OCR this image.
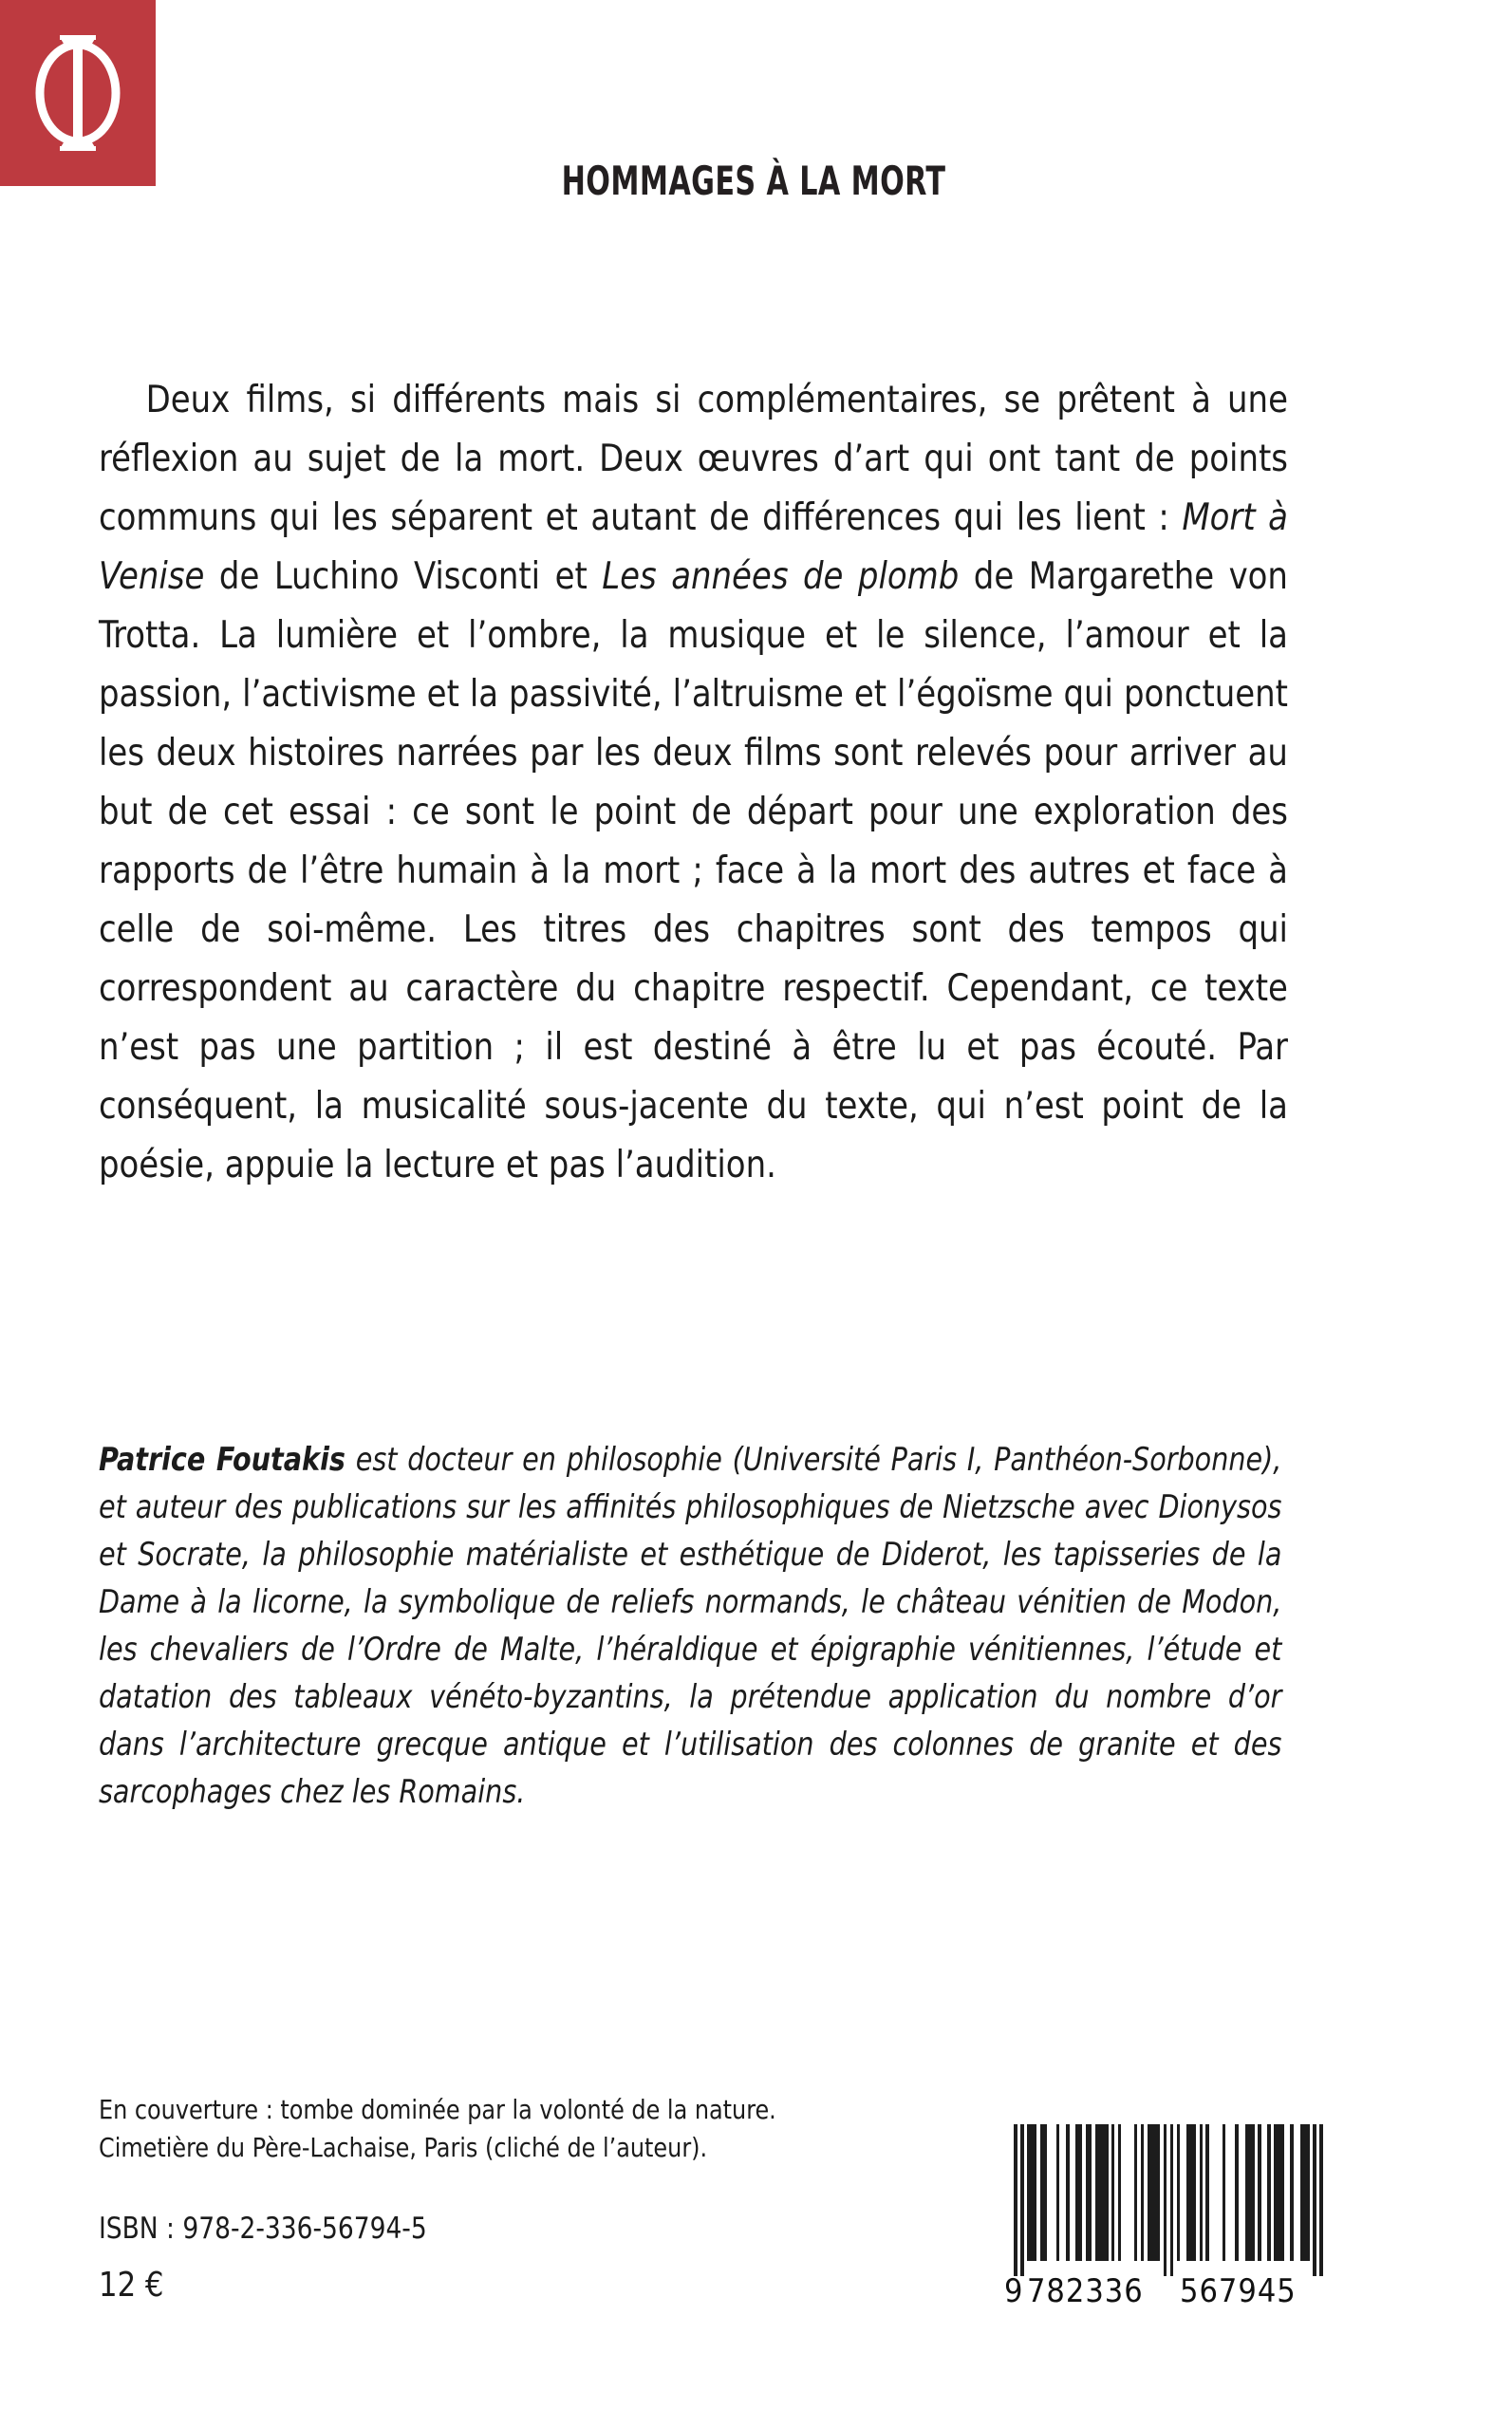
HOMMAGES À LA MORT

Deux films, si différents mais si complémentaires, se prêtent à une réflexion au sujet de la mort. Deux œuvres d’art qui ont tant de points communs qui les séparent et autant de différences qui les lient : Mort à Venise de Luchino Visconti et Les années de plomb de Margarethe von Trotta. La lumière et l’ombre, la musique et le silence, l’amour et la passion, l’activisme et la passivité, l’altruisme et l’égoïsme qui ponctuent les deux histoires narrées par les deux films sont relevés pour arriver au but de cet essai : ce sont le point de départ pour une exploration des rapports de l’être humain à la mort ; face à la mort des autres et face à celle de soi-même. Les titres des chapitres sont des tempos qui correspondent au caractère du chapitre respectif. Cependant, ce texte n’est pas une partition ; il est destiné à être lu et pas écouté. Par conséquent, la musicalité sous-jacente du texte, qui n’est point de la poésie, appuie la lecture et pas l’audition.

Patrice Foutakis est docteur en philosophie (Université Paris I, Panthéon-Sorbonne), et auteur des publications sur les affinités philosophiques de Nietzsche avec Dionysos et Socrate, la philosophie matérialiste et esthétique de Diderot, les tapisseries de la Dame à la licorne, la symbolique de reliefs normands, le château vénitien de Modon, les chevaliers de l’Ordre de Malte, l’héraldique et épigraphie vénitiennes, l’étude et datation des tableaux vénéto-byzantins, la prétendue application du nombre d’or dans l’architecture grecque antique et l’utilisation des colonnes de granite et des sarcophages chez les Romains.

En couverture : tombe dominée par la volonté de la nature.
Cimetière du Père-Lachaise, Paris (cliché de l’auteur).
ISBN : 978-2-336-56794-5
12 €	9 782336 567945
